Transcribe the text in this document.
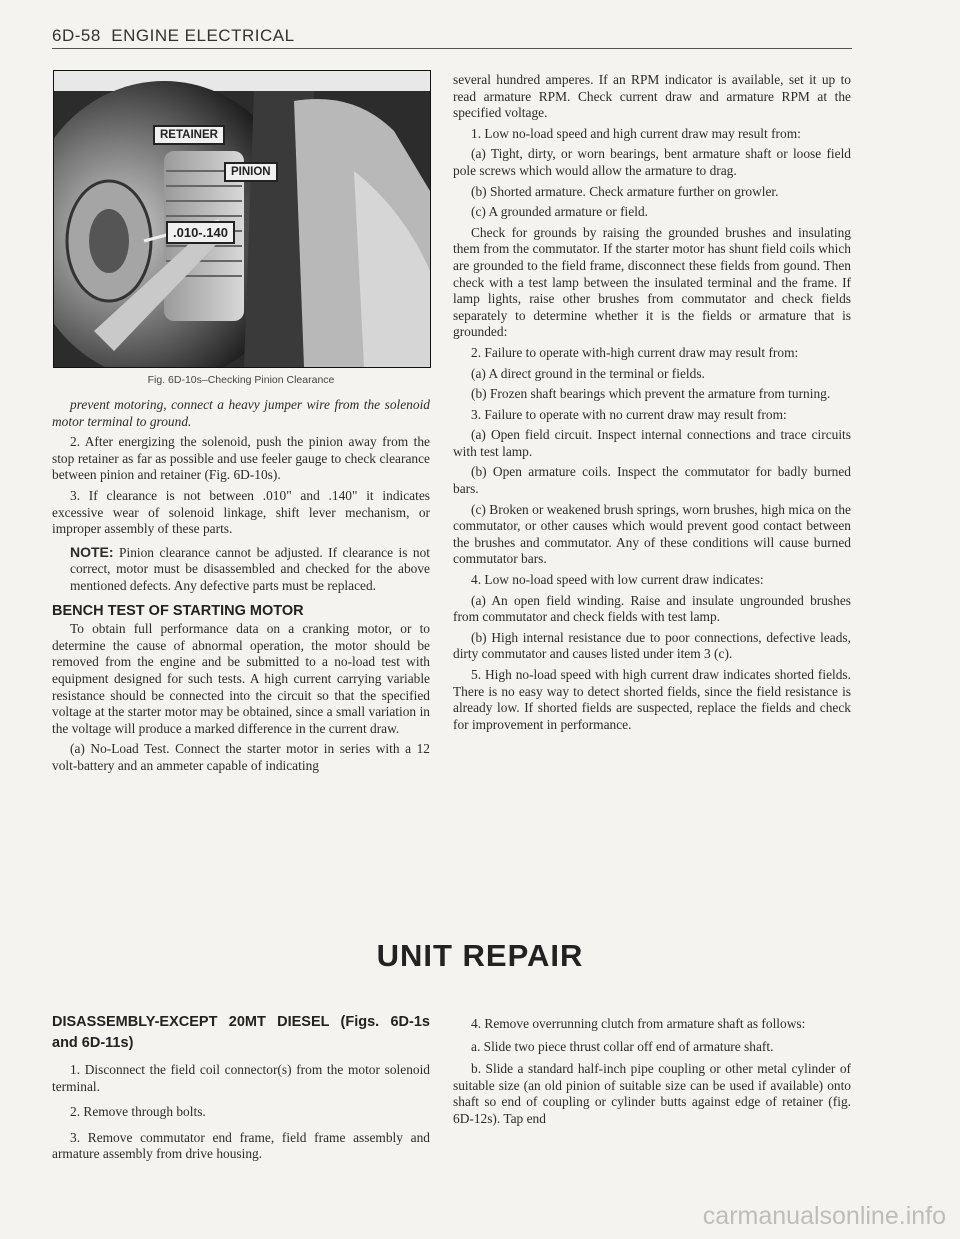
6D-58 ENGINE ELECTRICAL
RETAINER
PINION
.010-.140
Fig. 6D-10s–Checking Pinion Clearance

prevent motoring, connect a heavy jumper wire from the solenoid motor terminal to ground.

2. After energizing the solenoid, push the pinion away from the stop retainer as far as possible and use feeler gauge to check clearance between pinion and retainer (Fig. 6D-10s).

3. If clearance is not between .010" and .140" it indicates excessive wear of solenoid linkage, shift lever mechanism, or improper assembly of these parts.

NOTE: Pinion clearance cannot be adjusted. If clearance is not correct, motor must be disassembled and checked for the above mentioned defects. Any defective parts must be replaced.

BENCH TEST OF STARTING MOTOR

To obtain full performance data on a cranking motor, or to determine the cause of abnormal operation, the motor should be removed from the engine and be submitted to a no-load test with equipment designed for such tests. A high current carrying variable resistance should be connected into the circuit so that the specified voltage at the starter motor may be obtained, since a small variation in the voltage will produce a marked difference in the current draw.

(a) No-Load Test. Connect the starter motor in series with a 12 volt-battery and an ammeter capable of indicating

several hundred amperes. If an RPM indicator is available, set it up to read armature RPM. Check current draw and armature RPM at the specified voltage.

1. Low no-load speed and high current draw may result from:

(a) Tight, dirty, or worn bearings, bent armature shaft or loose field pole screws which would allow the armature to drag.

(b) Shorted armature. Check armature further on growler.

(c) A grounded armature or field.

Check for grounds by raising the grounded brushes and insulating them from the commutator. If the starter motor has shunt field coils which are grounded to the field frame, disconnect these fields from gound. Then check with a test lamp between the insulated terminal and the frame. If lamp lights, raise other brushes from commutator and check fields separately to determine whether it is the fields or armature that is grounded:

2. Failure to operate with-high current draw may result from:

(a) A direct ground in the terminal or fields.

(b) Frozen shaft bearings which prevent the armature from turning.

3. Failure to operate with no current draw may result from:

(a) Open field circuit. Inspect internal connections and trace circuits with test lamp.

(b) Open armature coils. Inspect the commutator for badly burned bars.

(c) Broken or weakened brush springs, worn brushes, high mica on the commutator, or other causes which would prevent good contact between the brushes and commutator. Any of these conditions will cause burned commutator bars.

4. Low no-load speed with low current draw indicates:

(a) An open field winding. Raise and insulate ungrounded brushes from commutator and check fields with test lamp.

(b) High internal resistance due to poor connections, defective leads, dirty commutator and causes listed under item 3 (c).

5. High no-load speed with high current draw indicates shorted fields. There is no easy way to detect shorted fields, since the field resistance is already low. If shorted fields are suspected, replace the fields and check for improvement in performance.

UNIT REPAIR
DISASSEMBLY-EXCEPT 20MT DIESEL (Figs. 6D-1s and 6D-11s)

1. Disconnect the field coil connector(s) from the motor solenoid terminal.

2. Remove through bolts.

3. Remove commutator end frame, field frame assembly and armature assembly from drive housing.

4. Remove overrunning clutch from armature shaft as follows:

a. Slide two piece thrust collar off end of armature shaft.

b. Slide a standard half-inch pipe coupling or other metal cylinder of suitable size (an old pinion of suitable size can be used if available) onto shaft so end of coupling or cylinder butts against edge of retainer (fig. 6D-12s). Tap end

carmanualsonline.info
